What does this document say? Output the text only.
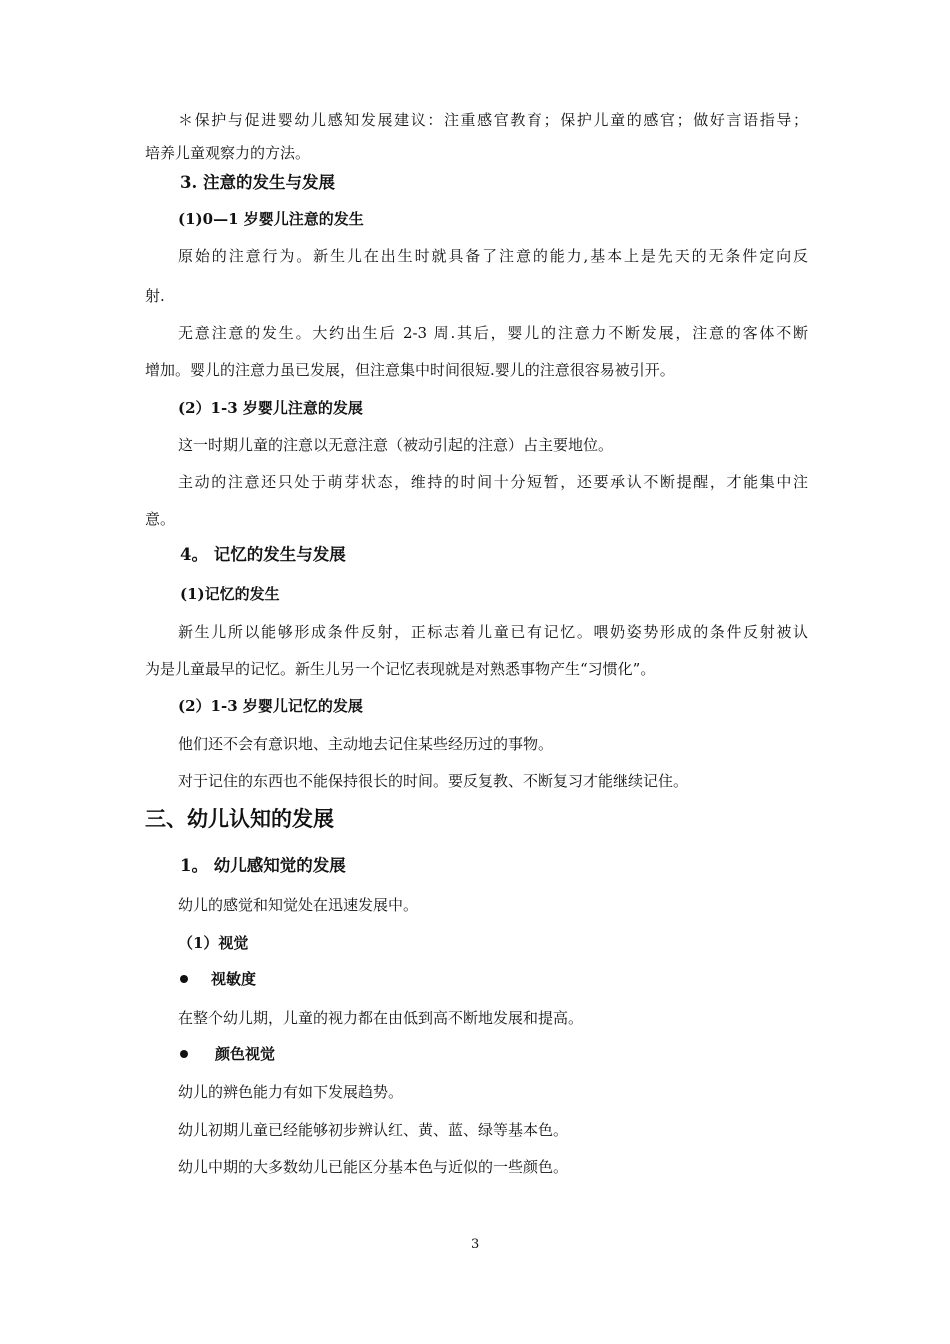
＊保护与促进婴幼儿感知发展建议：注重感官教育；保护儿童的感官；做好言语指导；
培养儿童观察力的方法。
3. 注意的发生与发展
(1)0—1 岁婴儿注意的发生
原始的注意行为。新生儿在出生时就具备了注意的能力,基本上是先天的无条件定向反
射.
无意注意的发生。大约出生后 2-3 周.其后，婴儿的注意力不断发展，注意的客体不断
增加。婴儿的注意力虽已发展，但注意集中时间很短.婴儿的注意很容易被引开。
(2）1-3 岁婴儿注意的发展
这一时期儿童的注意以无意注意（被动引起的注意）占主要地位。
主动的注意还只处于萌芽状态，维持的时间十分短暂，还要承认不断提醒，才能集中注
意。
4。 记忆的发生与发展
(1)记忆的发生
新生儿所以能够形成条件反射，正标志着儿童已有记忆。喂奶姿势形成的条件反射被认
为是儿童最早的记忆。新生儿另一个记忆表现就是对熟悉事物产生“习惯化”。
(2）1-3 岁婴儿记忆的发展
他们还不会有意识地、主动地去记住某些经历过的事物。
对于记住的东西也不能保持很长的时间。要反复教、不断复习才能继续记住。
三、幼儿认知的发展
1。 幼儿感知觉的发展
幼儿的感觉和知觉处在迅速发展中。
（1）视觉
视敏度
在整个幼儿期，儿童的视力都在由低到高不断地发展和提高。
颜色视觉
幼儿的辨色能力有如下发展趋势。
幼儿初期儿童已经能够初步辨认红、黄、蓝、绿等基本色。
幼儿中期的大多数幼儿已能区分基本色与近似的一些颜色。
3
